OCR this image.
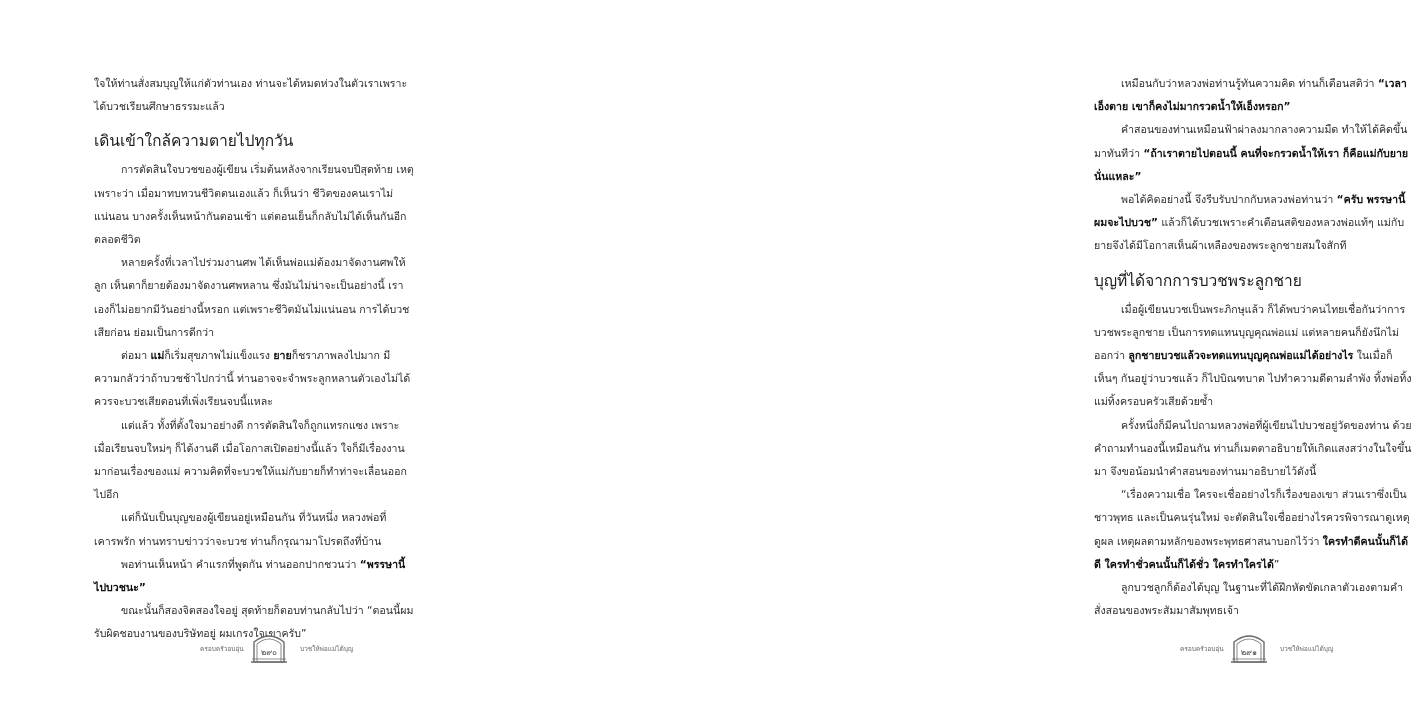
ใจให้ท่านสั่งสมบุญให้แก่ตัวท่านเอง ท่านจะได้หมดห่วงในตัวเราเพราะได้บวชเรียนศึกษาธรรมะแล้ว

เดินเข้าใกล้ความตายไปทุกวัน

การตัดสินใจบวชของผู้เขียน เริ่มต้นหลังจากเรียนจบปีสุดท้าย เหตุเพราะว่า เมื่อมาทบทวนชีวิตตนเองแล้ว ก็เห็นว่า ชีวิตของคนเราไม่แน่นอน บางครั้งเห็นหน้ากันตอนเช้า แต่ตอนเย็นก็กลับไม่ได้เห็นกันอีกตลอดชีวิต

หลายครั้งที่เวลาไปร่วมงานศพ ได้เห็นพ่อแม่ต้องมาจัดงานศพให้ลูก เห็นตาก็ยายต้องมาจัดงานศพหลาน ซึ่งมันไม่น่าจะเป็นอย่างนี้ เราเองก็ไม่อยากมีวันอย่างนี้หรอก แต่เพราะชีวิตมันไม่แน่นอน การได้บวชเสียก่อน ย่อมเป็นการดีกว่า

ต่อมา แม่ก็เริ่มสุขภาพไม่แข็งแรง ยายก็ชราภาพลงไปมาก มีความกลัวว่าถ้าบวชช้าไปกว่านี้ ท่านอาจจะจำพระลูกหลานตัวเองไม่ได้ ควรจะบวชเสียตอนที่เพิ่งเรียนจบนี้แหละ

แต่แล้ว ทั้งที่ตั้งใจมาอย่างดี การตัดสินใจก็ถูกแทรกแซง เพราะเมื่อเรียนจบใหม่ๆ ก็ได้งานดี เมื่อโอกาสเปิดอย่างนี้แล้ว ใจก็มีเรื่องงานมาก่อนเรื่องของแม่ ความคิดที่จะบวชให้แม่กับยายก็ทำท่าจะเลื่อนออกไปอีก

แต่ก็นับเป็นบุญของผู้เขียนอยู่เหมือนกัน ที่วันหนึ่ง หลวงพ่อที่เคารพรัก ท่านทราบข่าวว่าจะบวช ท่านก็กรุณามาโปรดถึงที่บ้าน

พอท่านเห็นหน้า คำแรกที่พูดกัน ท่านออกปากชวนว่า “พรรษานี้ไปบวชนะ”

ขณะนั้นก็สองจิตสองใจอยู่ สุดท้ายก็ตอบท่านกลับไปว่า “ตอนนี้ผมรับผิดชอบงานของบริษัทอยู่ ผมเกรงใจเขาครับ”

ครอบครัวอบอุ่น ๒๙๐	บวชให้พ่อแม่ได้บุญ

เหมือนกับว่าหลวงพ่อท่านรู้ทันความคิด ท่านก็เตือนสติว่า “เวลาเอ็งตาย เขาก็คงไม่มากรวดน้ำให้เอ็งหรอก”

คำสอนของท่านเหมือนฟ้าผ่าลงมากลางความมืด ทำให้ได้คิดขึ้นมาทันทีว่า “ถ้าเราตายไปตอนนี้ คนที่จะกรวดน้ำให้เรา ก็คือแม่กับยายนั่นแหละ”

พอได้คิดอย่างนี้ จึงรีบรับปากกับหลวงพ่อท่านว่า “ครับ พรรษานี้ ผมจะไปบวช” แล้วก็ได้บวชเพราะคำเตือนสติของหลวงพ่อแท้ๆ แม่กับยายจึงได้มีโอกาสเห็นผ้าเหลืองของพระลูกชายสมใจสักที

บุญที่ได้จากการบวชพระลูกชาย

เมื่อผู้เขียนบวชเป็นพระภิกษุแล้ว ก็ได้พบว่าคนไทยเชื่อกันว่าการบวชพระลูกชาย เป็นการทดแทนบุญคุณพ่อแม่ แต่หลายคนก็ยังนึกไม่ออกว่า ลูกชายบวชแล้วจะทดแทนบุญคุณพ่อแม่ได้อย่างไร ในเมื่อก็เห็นๆ กันอยู่ว่าบวชแล้ว ก็ไปบิณฑบาต ไปทำความดีตามลำพัง ทิ้งพ่อทิ้งแม่ทิ้งครอบครัวเสียด้วยซ้ำ

ครั้งหนึ่งก็มีคนไปถามหลวงพ่อที่ผู้เขียนไปบวชอยู่วัดของท่าน ด้วยคำถามทำนองนี้เหมือนกัน ท่านก็เมตตาอธิบายให้เกิดแสงสว่างในใจขึ้นมา จึงขอน้อมนำคำสอนของท่านมาอธิบายไว้ดังนี้

“เรื่องความเชื่อ ใครจะเชื่ออย่างไรก็เรื่องของเขา ส่วนเราซึ่งเป็นชาวพุทธ และเป็นคนรุ่นใหม่ จะตัดสินใจเชื่ออย่างไรควรพิจารณาดูเหตุดูผล เหตุผลตามหลักของพระพุทธศาสนาบอกไว้ว่า ใครทำดีคนนั้นก็ได้ดี ใครทำชั่วคนนั้นก็ได้ชั่ว ใครทำใครได้”

ลูกบวชลูกก็ต้องได้บุญ ในฐานะที่ได้ฝึกหัดขัดเกลาตัวเองตามคำสั่งสอนของพระสัมมาสัมพุทธเจ้า

ครอบครัวอบอุ่น ๒๙๑	บวชให้พ่อแม่ได้บุญ
